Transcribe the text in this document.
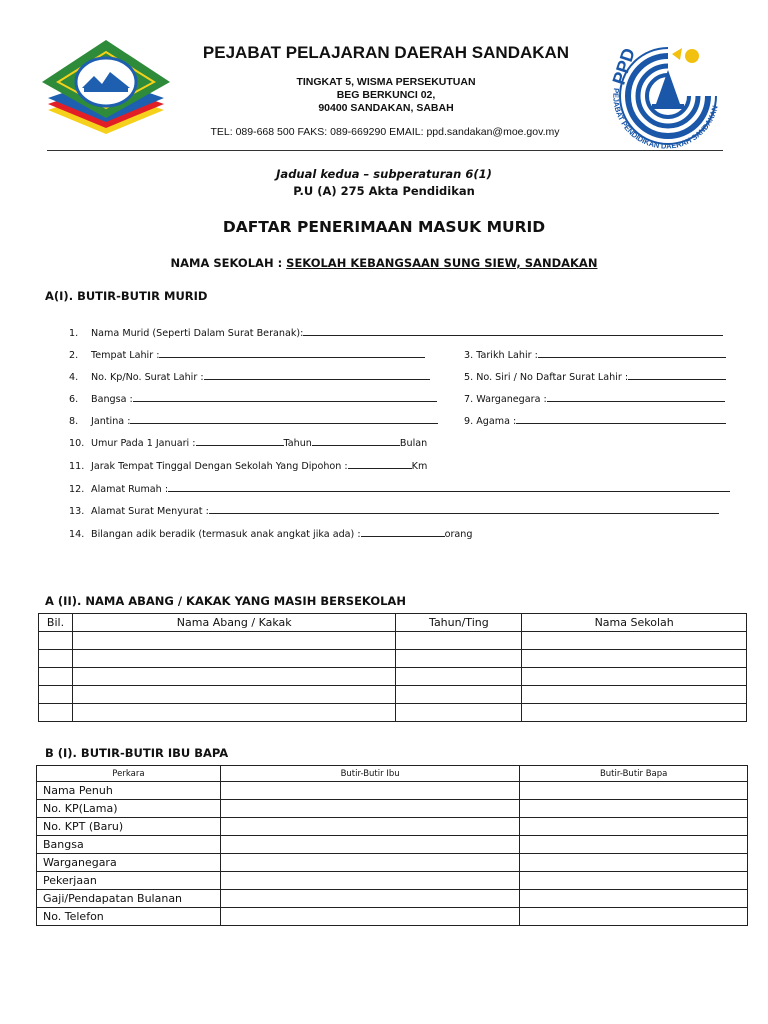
PEJABAT PELAJARAN DAERAH SANDAKAN
TINGKAT 5, WISMA PERSEKUTUAN
BEG BERKUNCI 02,
90400 SANDAKAN, SABAH
TEL: 089-668 500 FAKS: 089-669290 EMAIL: ppd.sandakan@moe.gov.my
PPD
PEJABAT PENDIDIKAN DAERAH SANDAKAN
Jadual kedua – subperaturan 6(1)
P.U (A) 275 Akta Pendidikan
DAFTAR PENERIMAAN MASUK MURID
NAMA SEKOLAH : SEKOLAH KEBANGSAAN SUNG SIEW, SANDAKAN
A(I). BUTIR-BUTIR MURID
1. Nama Murid (Seperti Dalam Surat Beranak):
2. Tempat Lahir :	3. Tarikh Lahir :
4. No. Kp/No. Surat Lahir :	5. No. Siri / No Daftar Surat Lahir :
6. Bangsa :	7. Warganegara :
8. Jantina :	9. Agama :
10. Umur Pada 1 Januari :	Tahun	Bulan
11. Jarak Tempat Tinggal Dengan Sekolah Yang Dipohon :	Km
12. Alamat Rumah :
13. Alamat Surat Menyurat :
14. Bilangan adik beradik (termasuk anak angkat jika ada) :	orang
A (II). NAMA ABANG / KAKAK YANG MASIH BERSEKOLAH
Bil.	Nama Abang / Kakak	Tahun/Ting	Nama Sekolah

B (I). BUTIR-BUTIR IBU BAPA
Perkara	Butir-Butir Ibu	Butir-Butir Bapa
Nama Penuh		
No. KP(Lama)		
No. KPT (Baru)		
Bangsa		
Warganegara		
Pekerjaan		
Gaji/Pendapatan Bulanan		
No. Telefon		
